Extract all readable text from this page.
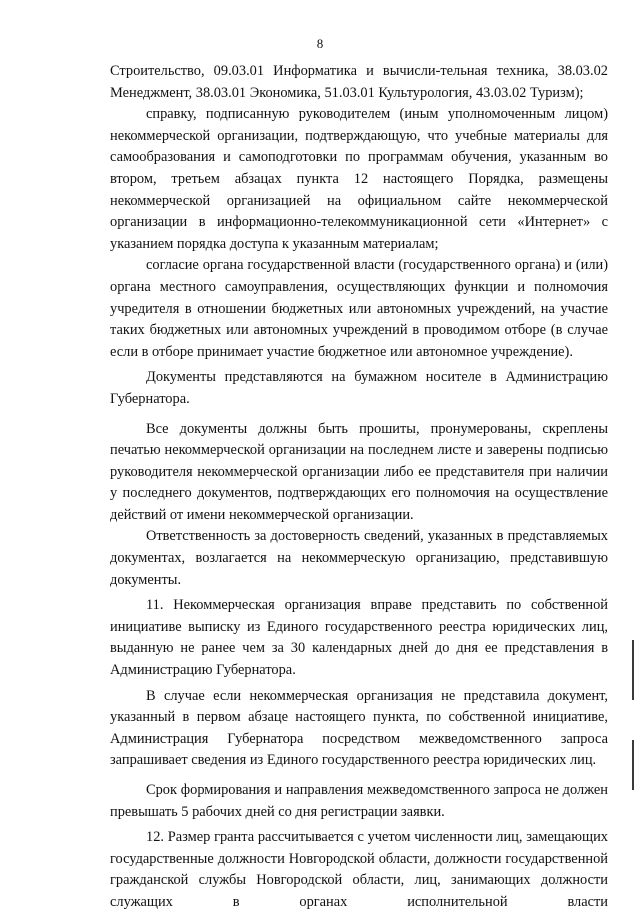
8

Строительство, 09.03.01 Информатика и вычисли-тельная техника, 38.03.02 Менеджмент, 38.03.01 Экономика, 51.03.01 Культурология, 43.03.02 Туризм);

справку, подписанную руководителем (иным уполномоченным лицом) некоммерческой организации, подтверждающую, что учебные материалы для самообразования и самоподготовки по программам обучения, указанным во втором, третьем абзацах пункта 12 настоящего Порядка, размещены некоммерческой организацией на официальном сайте некоммерческой организации в информационно-телекоммуникационной сети «Интернет» с указанием порядка доступа к указанным материалам;

согласие органа государственной власти (государственного органа) и (или) органа местного самоуправления, осуществляющих функции и полномочия учредителя в отношении бюджетных или автономных учреждений, на участие таких бюджетных или автономных учреждений в проводимом отборе (в случае если в отборе принимает участие бюджетное или автономное учреждение).

Документы представляются на бумажном носителе в Администрацию Губернатора.

Все документы должны быть прошиты, пронумерованы, скреплены печатью некоммерческой организации на последнем листе и заверены подписью руководителя некоммерческой организации либо ее представителя при наличии у последнего документов, подтверждающих его полномочия на осуществление действий от имени некоммерческой организации.

Ответственность за достоверность сведений, указанных в представляемых документах, возлагается на некоммерческую организацию, представившую документы.

11. Некоммерческая организация вправе представить по собственной инициативе выписку из Единого государственного реестра юридических лиц, выданную не ранее чем за 30 календарных дней до дня ее представления в Администрацию Губернатора.

В случае если некоммерческая организация не представила документ, указанный в первом абзаце настоящего пункта, по собственной инициативе, Администрация Губернатора посредством межведомственного запроса запрашивает сведения из Единого государственного реестра юридических лиц.

Срок формирования и направления межведомственного запроса не должен превышать 5 рабочих дней со дня регистрации заявки.

12. Размер гранта рассчитывается с учетом численности лиц, замещающих государственные должности Новгородской области, должности государственной гражданской службы Новгородской области, лиц, занимающих должности служащих в органах исполнительной власти
